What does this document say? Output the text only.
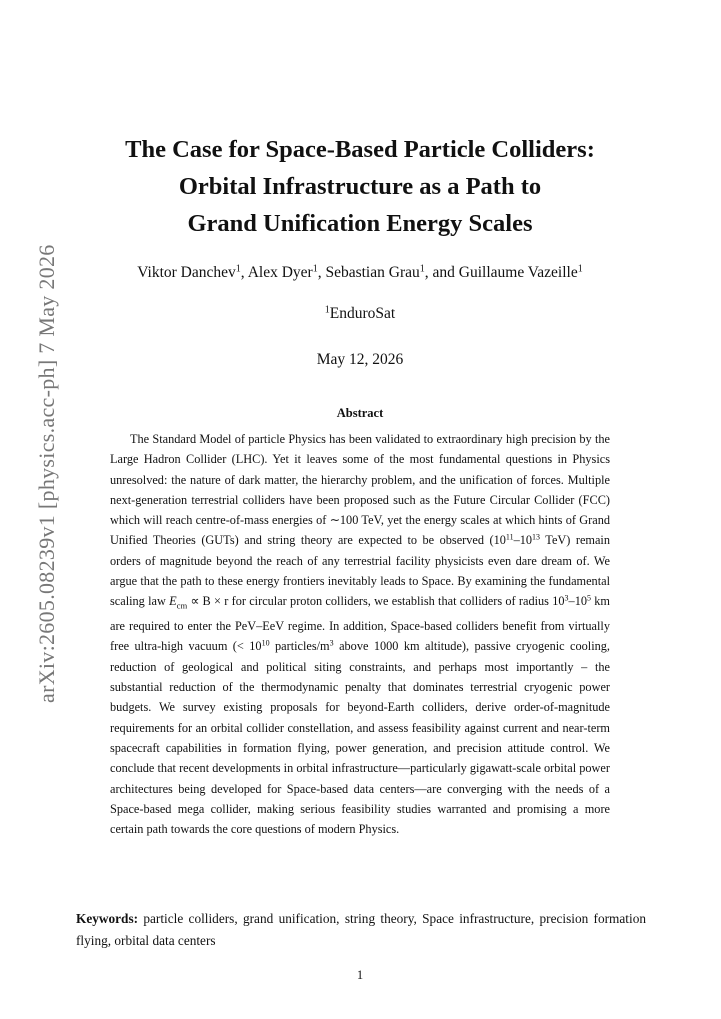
arXiv:2605.08239v1 [physics.acc-ph] 7 May 2026
The Case for Space-Based Particle Colliders:
Orbital Infrastructure as a Path to
Grand Unification Energy Scales
Viktor Danchev$^1$, Alex Dyer$^1$, Sebastian Grau$^1$, and Guillaume Vazeille$^1$
$^1$EnduroSat
May 12, 2026
Abstract

The Standard Model of particle Physics has been validated to extraordinary high precision by the Large Hadron Collider (LHC). Yet it leaves some of the most fundamental questions in Physics unresolved: the nature of dark matter, the hierarchy problem, and the unification of forces. Multiple next-generation terrestrial colliders have been proposed such as the Future Circular Collider (FCC) which will reach centre-of-mass energies of ∼100 TeV, yet the energy scales at which hints of Grand Unified Theories (GUTs) and string theory are expected to be observed ($10^{11}-10^{13}$ TeV) remain orders of magnitude beyond the reach of any terrestrial facility physicists even dare dream of. We argue that the path to these energy frontiers inevitably leads to Space. By examining the fundamental scaling law $E_{cm} \propto B \times r$ for circular proton colliders, we establish that colliders of radius $10^3-10^5$ km are required to enter the PeV–EeV regime. In addition, Space-based colliders benefit from virtually free ultra-high vacuum (< $10^{10}$ particles/$m^3$ above 1000 km altitude), passive cryogenic cooling, reduction of geological and political siting constraints, and perhaps most importantly – the substantial reduction of the thermodynamic penalty that dominates terrestrial cryogenic power budgets. We survey existing proposals for beyond-Earth colliders, derive order-of-magnitude requirements for an orbital collider constellation, and assess feasibility against current and near-term spacecraft capabilities in formation flying, power generation, and precision attitude control. We conclude that recent developments in orbital infrastructure—particularly gigawatt-scale orbital power architectures being developed for Space-based data centers—are converging with the needs of a Space-based mega collider, making serious feasibility studies warranted and promising a more certain path towards the core questions of modern Physics.

Keywords: particle colliders, grand unification, string theory, Space infrastructure, precision formation flying, orbital data centers

1
